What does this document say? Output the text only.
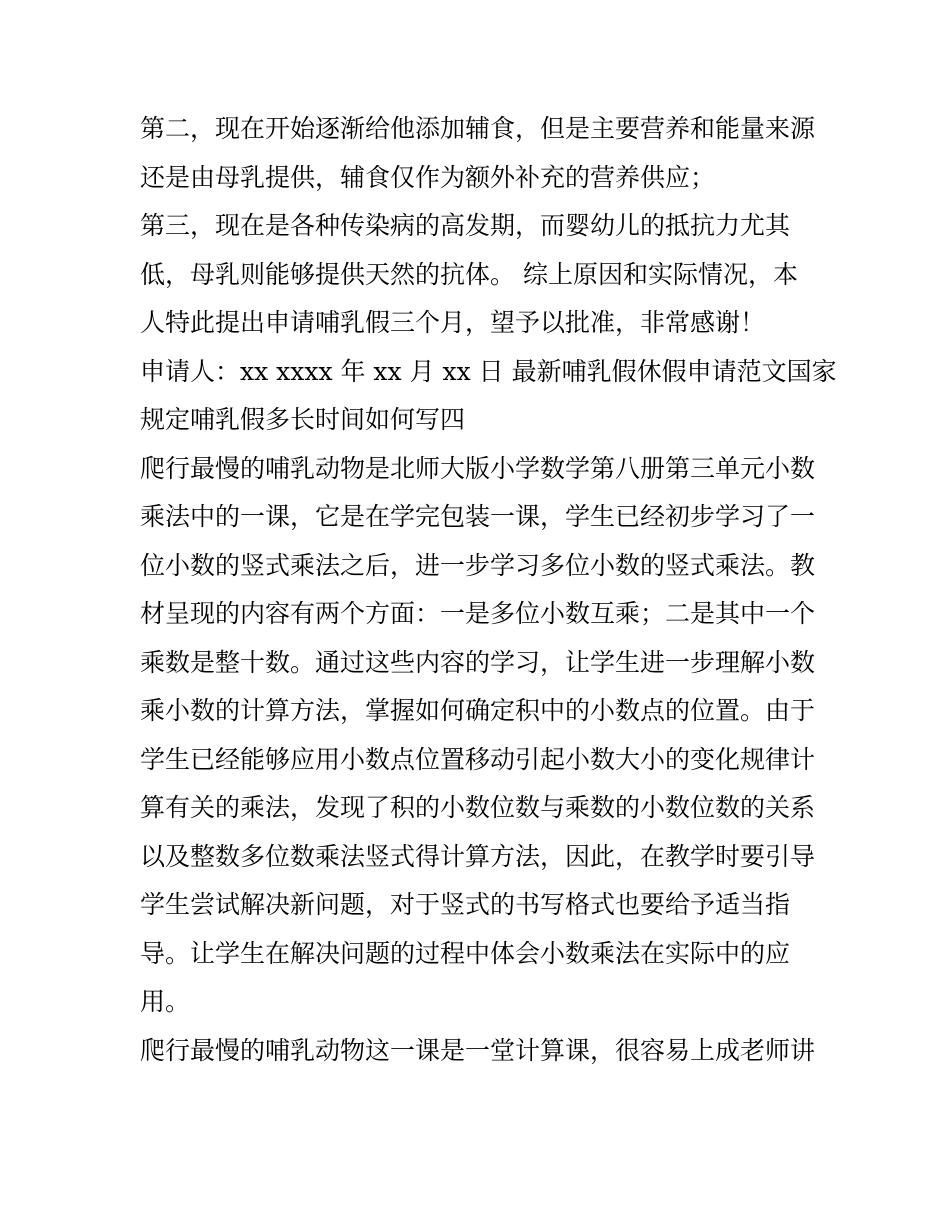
第二，现在开始逐渐给他添加辅食，但是主要营养和能量来源
还是由母乳提供，辅食仅作为额外补充的营养供应；
第三，现在是各种传染病的高发期，而婴幼儿的抵抗力尤其
低，母乳则能够提供天然的抗体。 综上原因和实际情况，本
人特此提出申请哺乳假三个月，望予以批准，非常感谢！
申请人：xx xxxx 年 xx 月 xx 日 最新哺乳假休假申请范文国家
规定哺乳假多长时间如何写四
爬行最慢的哺乳动物是北师大版小学数学第八册第三单元小数
乘法中的一课，它是在学完包装一课，学生已经初步学习了一
位小数的竖式乘法之后，进一步学习多位小数的竖式乘法。教
材呈现的内容有两个方面：一是多位小数互乘；二是其中一个
乘数是整十数。通过这些内容的学习，让学生进一步理解小数
乘小数的计算方法，掌握如何确定积中的小数点的位置。由于
学生已经能够应用小数点位置移动引起小数大小的变化规律计
算有关的乘法，发现了积的小数位数与乘数的小数位数的关系
以及整数多位数乘法竖式得计算方法，因此，在教学时要引导
学生尝试解决新问题，对于竖式的书写格式也要给予适当指
导。让学生在解决问题的过程中体会小数乘法在实际中的应
用。
爬行最慢的哺乳动物这一课是一堂计算课，很容易上成老师讲
